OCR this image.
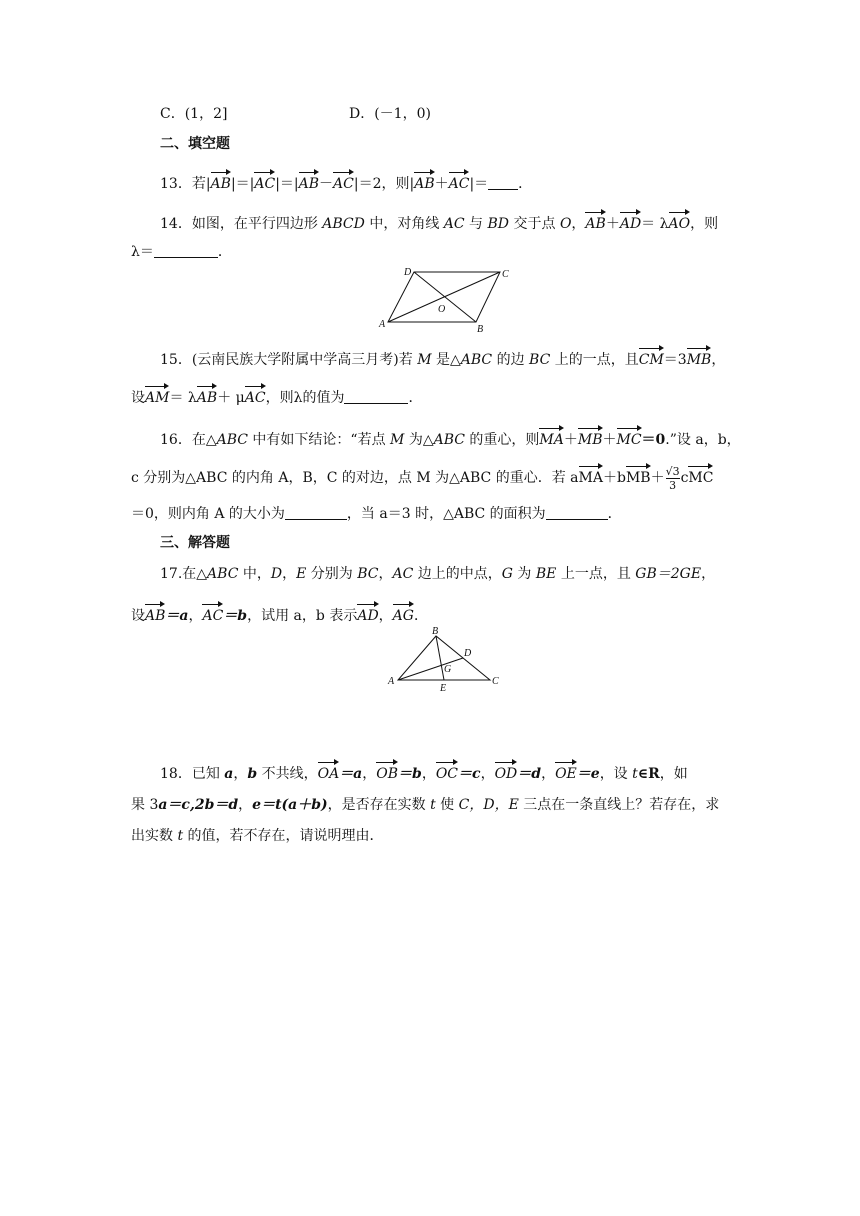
C．(1，2]	D．(－1，0)
二、填空题
13．若|AB|＝|AC|＝|AB－AC|＝2，则|AB＋AC|＝ ．
14．如图，在平行四边形 ABCD 中，对角线 AC 与 BD 交于点 O，AB＋AD＝ λAO，则
λ＝	．
D	C
A	B
O
15．(云南民族大学附属中学高三月考)若 M 是△ABC 的边 BC 上的一点，且CM＝3MB，
设AM＝ λAB＋ μAC，则λ的值为	．
16．在△ABC 中有如下结论：“若点 M 为△ABC 的重心，则MA＋MB＋MC＝0.”设 a，b，
c 分别为△ABC 的内角 A，B，C 的对边，点 M 为△ABC 的重心．若 $aMA+bMB+ \frac{√3}{3}$ cMC
＝0，则内角 A 的大小为	，当 a＝3 时，△ABC 的面积为	．
三、解答题
17.在△ABC 中，D，E 分别为 BC，AC 边上的中点，G 为 BE 上一点，且 GB＝2GE，
设AB＝a，AC＝b，试用 a，b 表示AD，AG．
A
B
C
D
E
G
18．已知 a，b 不共线，OA＝a，OB＝b，OC＝c，OD＝d，OE＝e，设 t∈R，如
果 3a＝c,2b＝d，e＝t(a＋b)，是否存在实数 t 使 C，D，E 三点在一条直线上？若存在，求
出实数 t 的值，若不存在，请说明理由．
